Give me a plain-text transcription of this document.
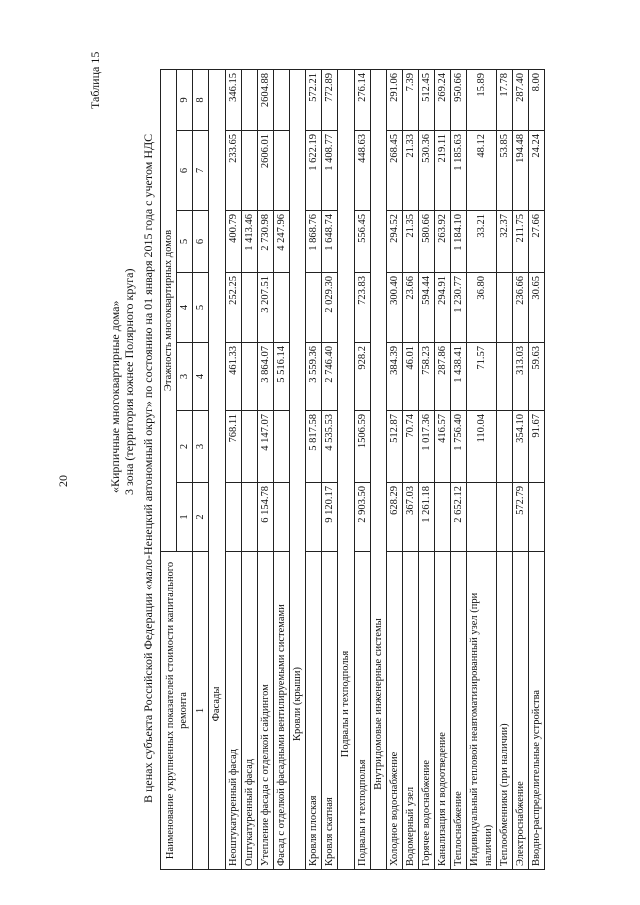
20
Таблица 15
«Кирпичные многоквартирные дома» 3 зона (территория южнее Полярного круга) В ценах субъекта Российской Федерации «мало-Ненецкий автономный округ» по состоянию на 01 января 2015 года с учетом НДС Наименование укрупненных показателей стоимости капитального ремонта	Этажность многоквартирных домов						
	1	2	3	4	5	6	9
1	2	3	4	5	6	7	8
Фасады							
Неоштукатуренный фасад		768.11	461.33	252.25	400.79	233.65	346.15
Оштукатуренный фасад					1 413.46		
Утепление фасада с отделкой сайдингом	6 154.78	4 147.07	3 864.07	3 207.51	2 730.98	2606.01	2604.88
Фасад с отделкой фасадными вентилируемыми системами			5 516.14		4 247.96		
Кровли (крыши)							
Кровля плоская		5 817.58	3 559.36		1 868.76	1 622.19	572.21
Кровля скатная	9 120.17	4 535.53	2 746.40	2 029.30	1 648.74	1 408.77	772.89
Подвалы и техподполья							
Подвалы и техподполья	2 903.50	1506.59	928.2	723.83	556.45	448.63	276.14
Внутридомовые инженерные системы							
Холодное водоснабжение	628.29	512.87	384.39	300.40	294.52	268.45	291.06
Водомерный узел	367.03	70.74	46.01	23.66	21.35	21.33	7.39
Горячее водоснабжение	1 261.18	1 017.36	758.23	594.44	580.66	530.36	512.45
Канализация и водоотведение		416.57	287.86	294.91	263.92	219.11	269.24
Теплоснабжение	2 652.12	1 756.40	1 438.41	1 230.77	1 184.10	1 185.63	950.66
Индивидуальный тепловой неавтоматизированный узел (при наличии)		110.04	71.57	36.80	33.21	48.12	15.89
Теплообменники (при наличии)					32.37	53.85	17.78
Электроснабжение	572.79	354.10	313.03	236.66	211.75	194.48	287.40
Вводно-распределительные устройства		91.67	59.63	30.65	27.66	24.24	8.00
